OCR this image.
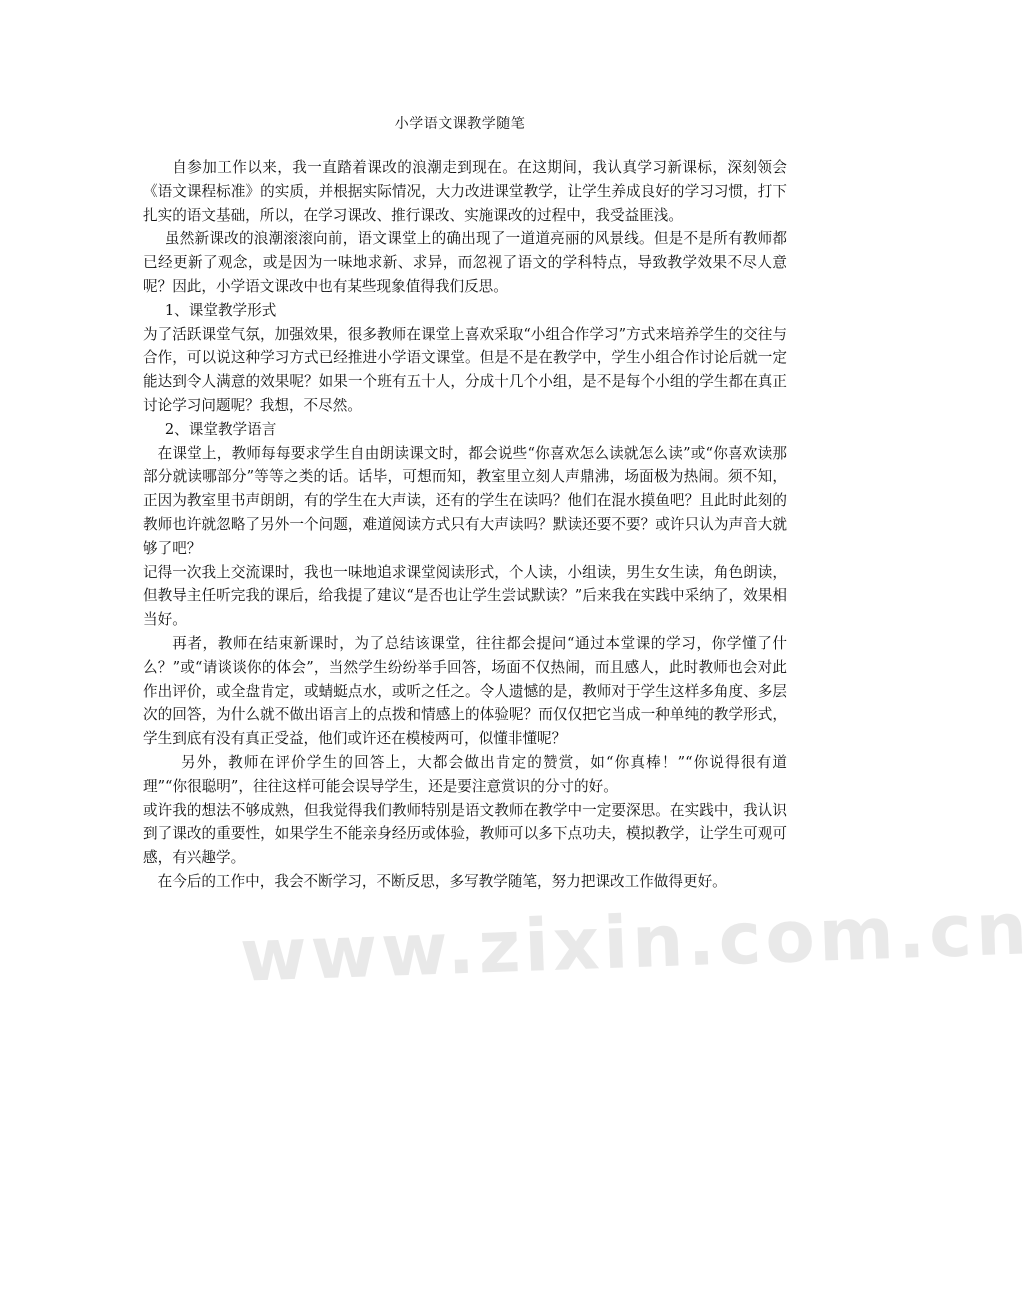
www.zixin.com.cn
小学语文课教学随笔

自参加工作以来，我一直踏着课改的浪潮走到现在。在这期间，我认真学习新课标，深刻领会《语文课程标准》的实质，并根据实际情况，大力改进课堂教学，让学生养成良好的学习习惯，打下扎实的语文基础，所以，在学习课改、推行课改、实施课改的过程中，我受益匪浅。

虽然新课改的浪潮滚滚向前，语文课堂上的确出现了一道道亮丽的风景线。但是不是所有教师都已经更新了观念，或是因为一味地求新、求异，而忽视了语文的学科特点，导致教学效果不尽人意呢？因此，小学语文课改中也有某些现象值得我们反思。

1、课堂教学形式

为了活跃课堂气氛，加强效果，很多教师在课堂上喜欢采取“小组合作学习”方式来培养学生的交往与合作，可以说这种学习方式已经推进小学语文课堂。但是不是在教学中，学生小组合作讨论后就一定能达到令人满意的效果呢？如果一个班有五十人，分成十几个小组，是不是每个小组的学生都在真正讨论学习问题呢？我想，不尽然。

2、课堂教学语言

在课堂上，教师每每要求学生自由朗读课文时，都会说些“你喜欢怎么读就怎么读”或“你喜欢读那部分就读哪部分”等等之类的话。话毕，可想而知，教室里立刻人声鼎沸，场面极为热闹。须不知，正因为教室里书声朗朗，有的学生在大声读，还有的学生在读吗？他们在混水摸鱼吧？且此时此刻的教师也许就忽略了另外一个问题，难道阅读方式只有大声读吗？默读还要不要？或许只认为声音大就够了吧？

记得一次我上交流课时，我也一味地追求课堂阅读形式，个人读，小组读，男生女生读，角色朗读，但教导主任听完我的课后，给我提了建议“是否也让学生尝试默读？”后来我在实践中采纳了，效果相当好。

再者，教师在结束新课时，为了总结该课堂，往往都会提问“通过本堂课的学习，你学懂了什么？”或“请谈谈你的体会”，当然学生纷纷举手回答，场面不仅热闹，而且感人，此时教师也会对此作出评价，或全盘肯定，或蜻蜓点水，或听之任之。令人遗憾的是，教师对于学生这样多角度、多层次的回答，为什么就不做出语言上的点拨和情感上的体验呢？而仅仅把它当成一种单纯的教学形式，学生到底有没有真正受益，他们或许还在模棱两可，似懂非懂呢？

另外，教师在评价学生的回答上，大都会做出肯定的赞赏，如“你真棒！”“你说得很有道理”“你很聪明”，往往这样可能会误导学生，还是要注意赏识的分寸的好。

或许我的想法不够成熟，但我觉得我们教师特别是语文教师在教学中一定要深思。在实践中，我认识到了课改的重要性，如果学生不能亲身经历或体验，教师可以多下点功夫，模拟教学，让学生可观可感，有兴趣学。

在今后的工作中，我会不断学习，不断反思，多写教学随笔，努力把课改工作做得更好。
